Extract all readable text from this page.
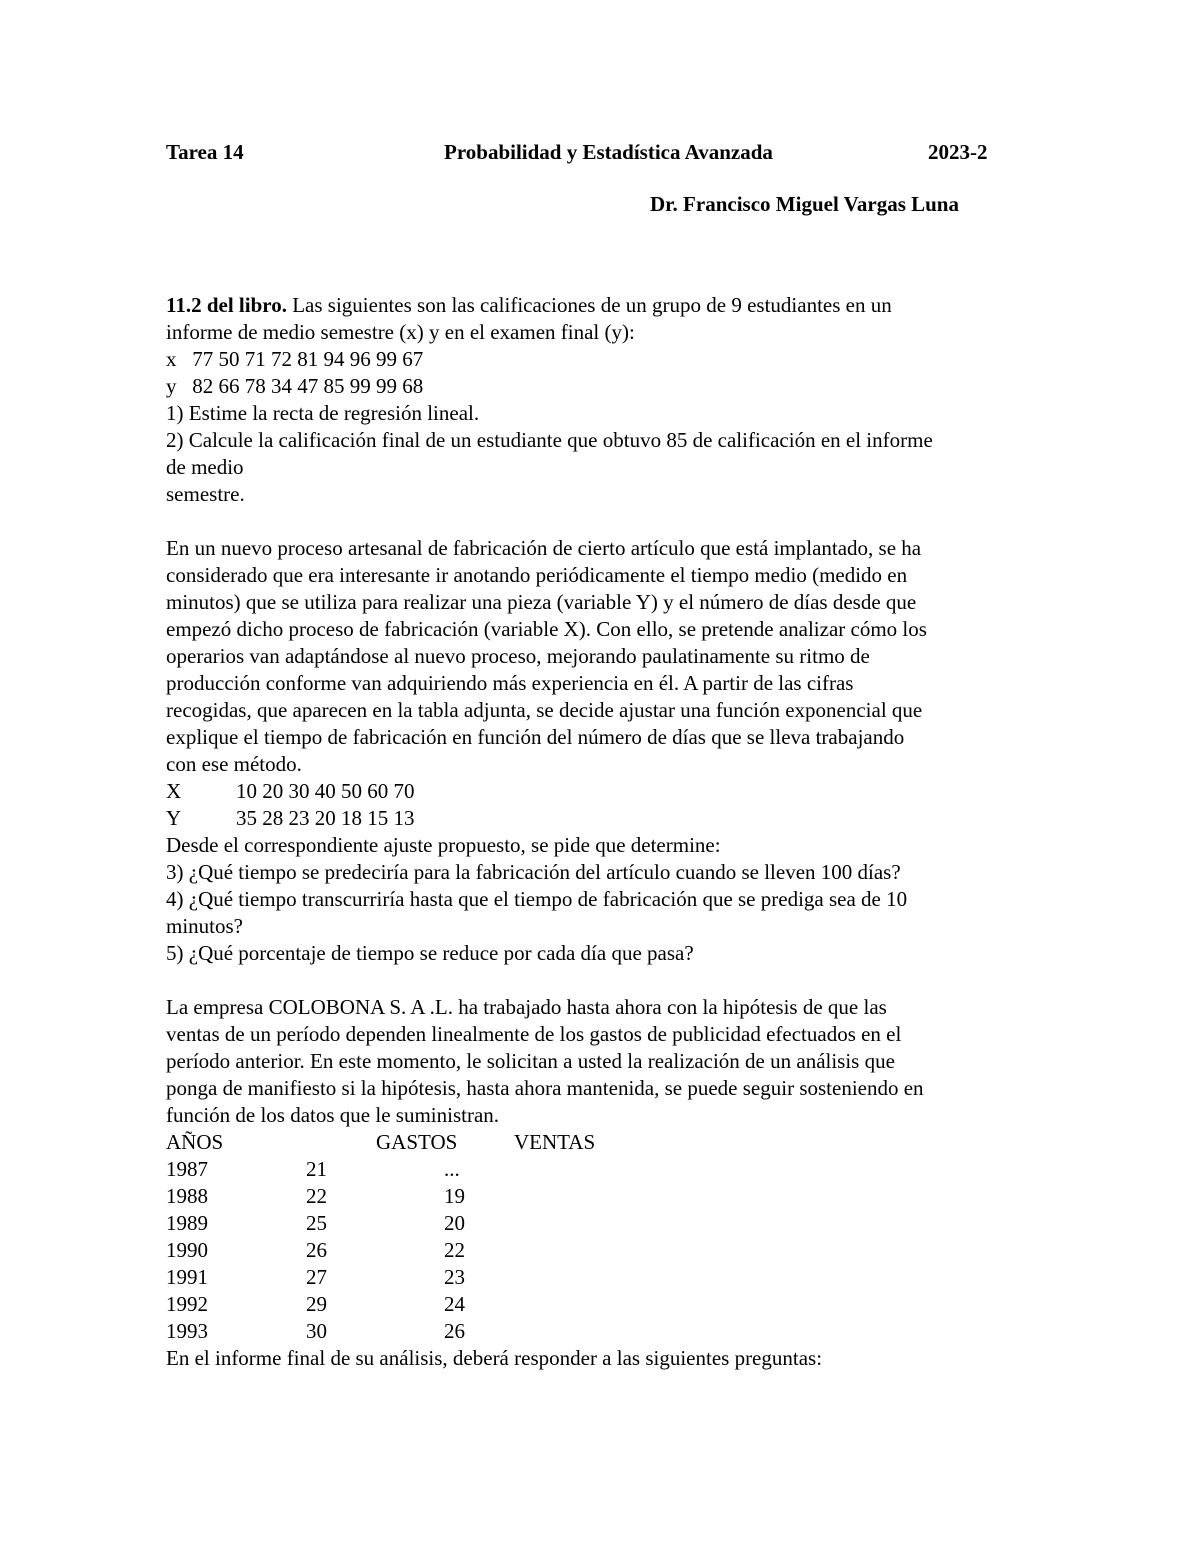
Tarea 14	Probabilidad y Estadística Avanzada	2023-2
Dr. Francisco Miguel Vargas Luna
11.2 del libro. Las siguientes son las calificaciones de un grupo de 9 estudiantes en un
informe de medio semestre (x) y en el examen final (y):
x   77 50 71 72 81 94 96 99 67
y   82 66 78 34 47 85 99 99 68
1) Estime la recta de regresión lineal.
2) Calcule la calificación final de un estudiante que obtuvo 85 de calificación en el informe
de medio
semestre.
En un nuevo proceso artesanal de fabricación de cierto artículo que está implantado, se ha
considerado que era interesante ir anotando periódicamente el tiempo medio (medido en
minutos) que se utiliza para realizar una pieza (variable Y) y el número de días desde que
empezó dicho proceso de fabricación (variable X). Con ello, se pretende analizar cómo los
operarios van adaptándose al nuevo proceso, mejorando paulatinamente su ritmo de
producción conforme van adquiriendo más experiencia en él. A partir de las cifras
recogidas, que aparecen en la tabla adjunta, se decide ajustar una función exponencial que
explique el tiempo de fabricación en función del número de días que se lleva trabajando
con ese método.
X	10 20 30 40 50 60 70
Y	35 28 23 20 18 15 13
Desde el correspondiente ajuste propuesto, se pide que determine:
3) ¿Qué tiempo se predeciría para la fabricación del artículo cuando se lleven 100 días?
4) ¿Qué tiempo transcurriría hasta que el tiempo de fabricación que se prediga sea de 10
minutos?
5) ¿Qué porcentaje de tiempo se reduce por cada día que pasa?
La empresa COLOBONA S. A .L. ha trabajado hasta ahora con la hipótesis de que las
ventas de un período dependen linealmente de los gastos de publicidad efectuados en el
período anterior. En este momento, le solicitan a usted la realización de un análisis que
ponga de manifiesto si la hipótesis, hasta ahora mantenida, se puede seguir sosteniendo en
función de los datos que le suministran.
AÑOS	GASTOS	VENTAS
1987	21	...
1988	22	19
1989	25	20
1990	26	22
1991	27	23
1992	29	24
1993	30	26
En el informe final de su análisis, deberá responder a las siguientes preguntas:
